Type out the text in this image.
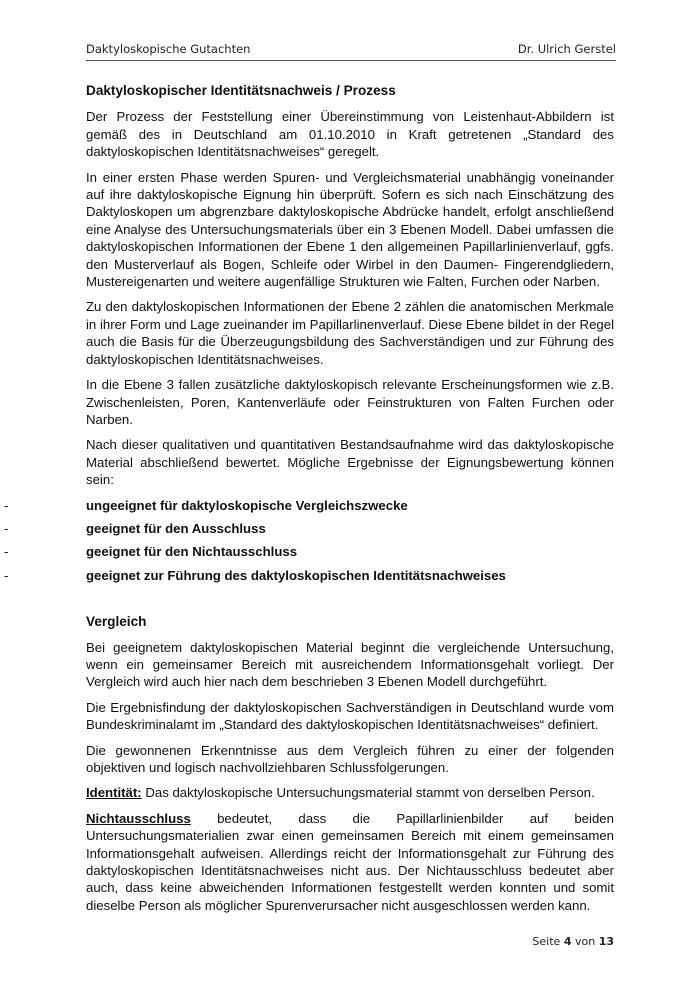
Daktyloskopische Gutachten	Dr. Ulrich Gerstel
Daktyloskopischer Identitätsnachweis / Prozess

Der Prozess der Feststellung einer Übereinstimmung von Leistenhaut-Abbildern ist gemäß des in Deutschland am 01.10.2010 in Kraft getretenen „Standard des daktyloskopischen Identitätsnachweises“ geregelt.

In einer ersten Phase werden Spuren- und Vergleichsmaterial unabhängig voneinander auf ihre daktyloskopische Eignung hin überprüft. Sofern es sich nach Einschätzung des Daktyloskopen um abgrenzbare daktyloskopische Abdrücke handelt, erfolgt anschließend eine Analyse des Untersuchungsmaterials über ein 3 Ebenen Modell. Dabei umfassen die daktyloskopischen Informationen der Ebene 1 den allgemeinen Papillarlinienverlauf, ggfs. den Musterverlauf als Bogen, Schleife oder Wirbel in den Daumen- Fingerendgliedern, Mustereigenarten und weitere augenfällige Strukturen wie Falten, Furchen oder Narben.

Zu den daktyloskopischen Informationen der Ebene 2 zählen die anatomischen Merkmale in ihrer Form und Lage zueinander im Papillarlinenverlauf. Diese Ebene bildet in der Regel auch die Basis für die Überzeugungsbildung des Sachverständigen und zur Führung des daktyloskopischen Identitätsnachweises.

In die Ebene 3 fallen zusätzliche daktyloskopisch relevante Erscheinungsformen wie z.B. Zwischenleisten, Poren, Kantenverläufe oder Feinstrukturen von Falten Furchen oder Narben.

Nach dieser qualitativen und quantitativen Bestandsaufnahme wird das daktyloskopische Material abschließend bewertet. Mögliche Ergebnisse der Eignungsbewertung können sein:

-	ungeeignet für daktyloskopische Vergleichszwecke
-	geeignet für den Ausschluss
-	geeignet für den Nichtausschluss
-	geeignet zur Führung des daktyloskopischen Identitätsnachweises
Vergleich

Bei geeignetem daktyloskopischen Material beginnt die vergleichende Untersuchung, wenn ein gemeinsamer Bereich mit ausreichendem Informationsgehalt vorliegt. Der Vergleich wird auch hier nach dem beschrieben 3 Ebenen Modell durchgeführt.

Die Ergebnisfindung der daktyloskopischen Sachverständigen in Deutschland wurde vom Bundeskriminalamt im „Standard des daktyloskopischen Identitätsnachweises“ definiert.

Die gewonnenen Erkenntnisse aus dem Vergleich führen zu einer der folgenden objektiven und logisch nachvollziehbaren Schlussfolgerungen.

Identität: Das daktyloskopische Untersuchungsmaterial stammt von derselben Person.

Nichtausschluss bedeutet, dass die Papillarlinienbilder auf beiden
Untersuchungsmaterialien zwar einen gemeinsamen Bereich mit einem gemeinsamen Informationsgehalt aufweisen. Allerdings reicht der Informationsgehalt zur Führung des daktyloskopischen Identitätsnachweises nicht aus. Der Nichtausschluss bedeutet aber auch, dass keine abweichenden Informationen festgestellt werden konnten und somit dieselbe Person als möglicher Spurenverursacher nicht ausgeschlossen werden kann.
Seite 4 von 13
